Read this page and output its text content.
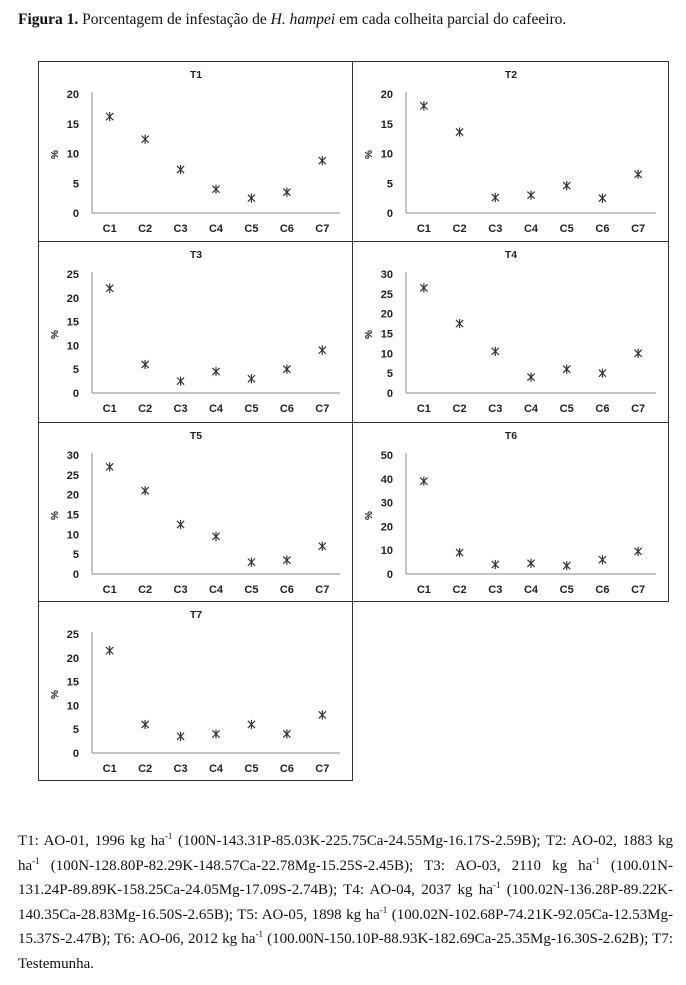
Figura 1. Porcentagem de infestação de H. hampei em cada colheita parcial do cafeeiro.
T1
0
5
10
15
20
%
C1 C2 C3 C4 C5 C6 C7
T2
0
5
10
15
20
%
C1 C2 C3 C4 C5 C6 C7
T3
0
5
10
15
20
25
%
C1 C2 C3 C4 C5 C6 C7
T4
0
5
10
15
20
25
30
%
C1 C2 C3 C4 C5 C6 C7
T5
0
5
10
15
20
25
30
%
C1 C2 C3 C4 C5 C6 C7
T6
0
10
20
30
40
50
%
C1 C2 C3 C4 C5 C6 C7
T7
0
5
10
15
20
25
%
C1 C2 C3 C4 C5 C6 C7
T1: AO-01, 1996 kg $ha^{-1}$ (100N-143.31P-85.03K-225.75Ca-24.55Mg-16.17S-2.59B); T2: AO-02, 1883 kg $ha^{-1}$ (100N-128.80P-82.29K-148.57Ca-22.78Mg-15.25S-2.45B); T3: AO-03, 2110 kg $ha^{-1}$ (100.01N-131.24P-89.89K-158.25Ca-24.05Mg-17.09S-2.74B); T4: AO-04, 2037 kg $ha^{-1}$ (100.02N-136.28P-89.22K-140.35Ca-28.83Mg-16.50S-2.65B); T5: AO-05, 1898 kg $ha^{-1}$ (100.02N-102.68P-74.21K-92.05Ca-12.53Mg-15.37S-2.47B); T6: AO-06, 2012 kg $ha^{-1}$ (100.00N-150.10P-88.93K-182.69Ca-25.35Mg-16.30S-2.62B); T7: Testemunha.
